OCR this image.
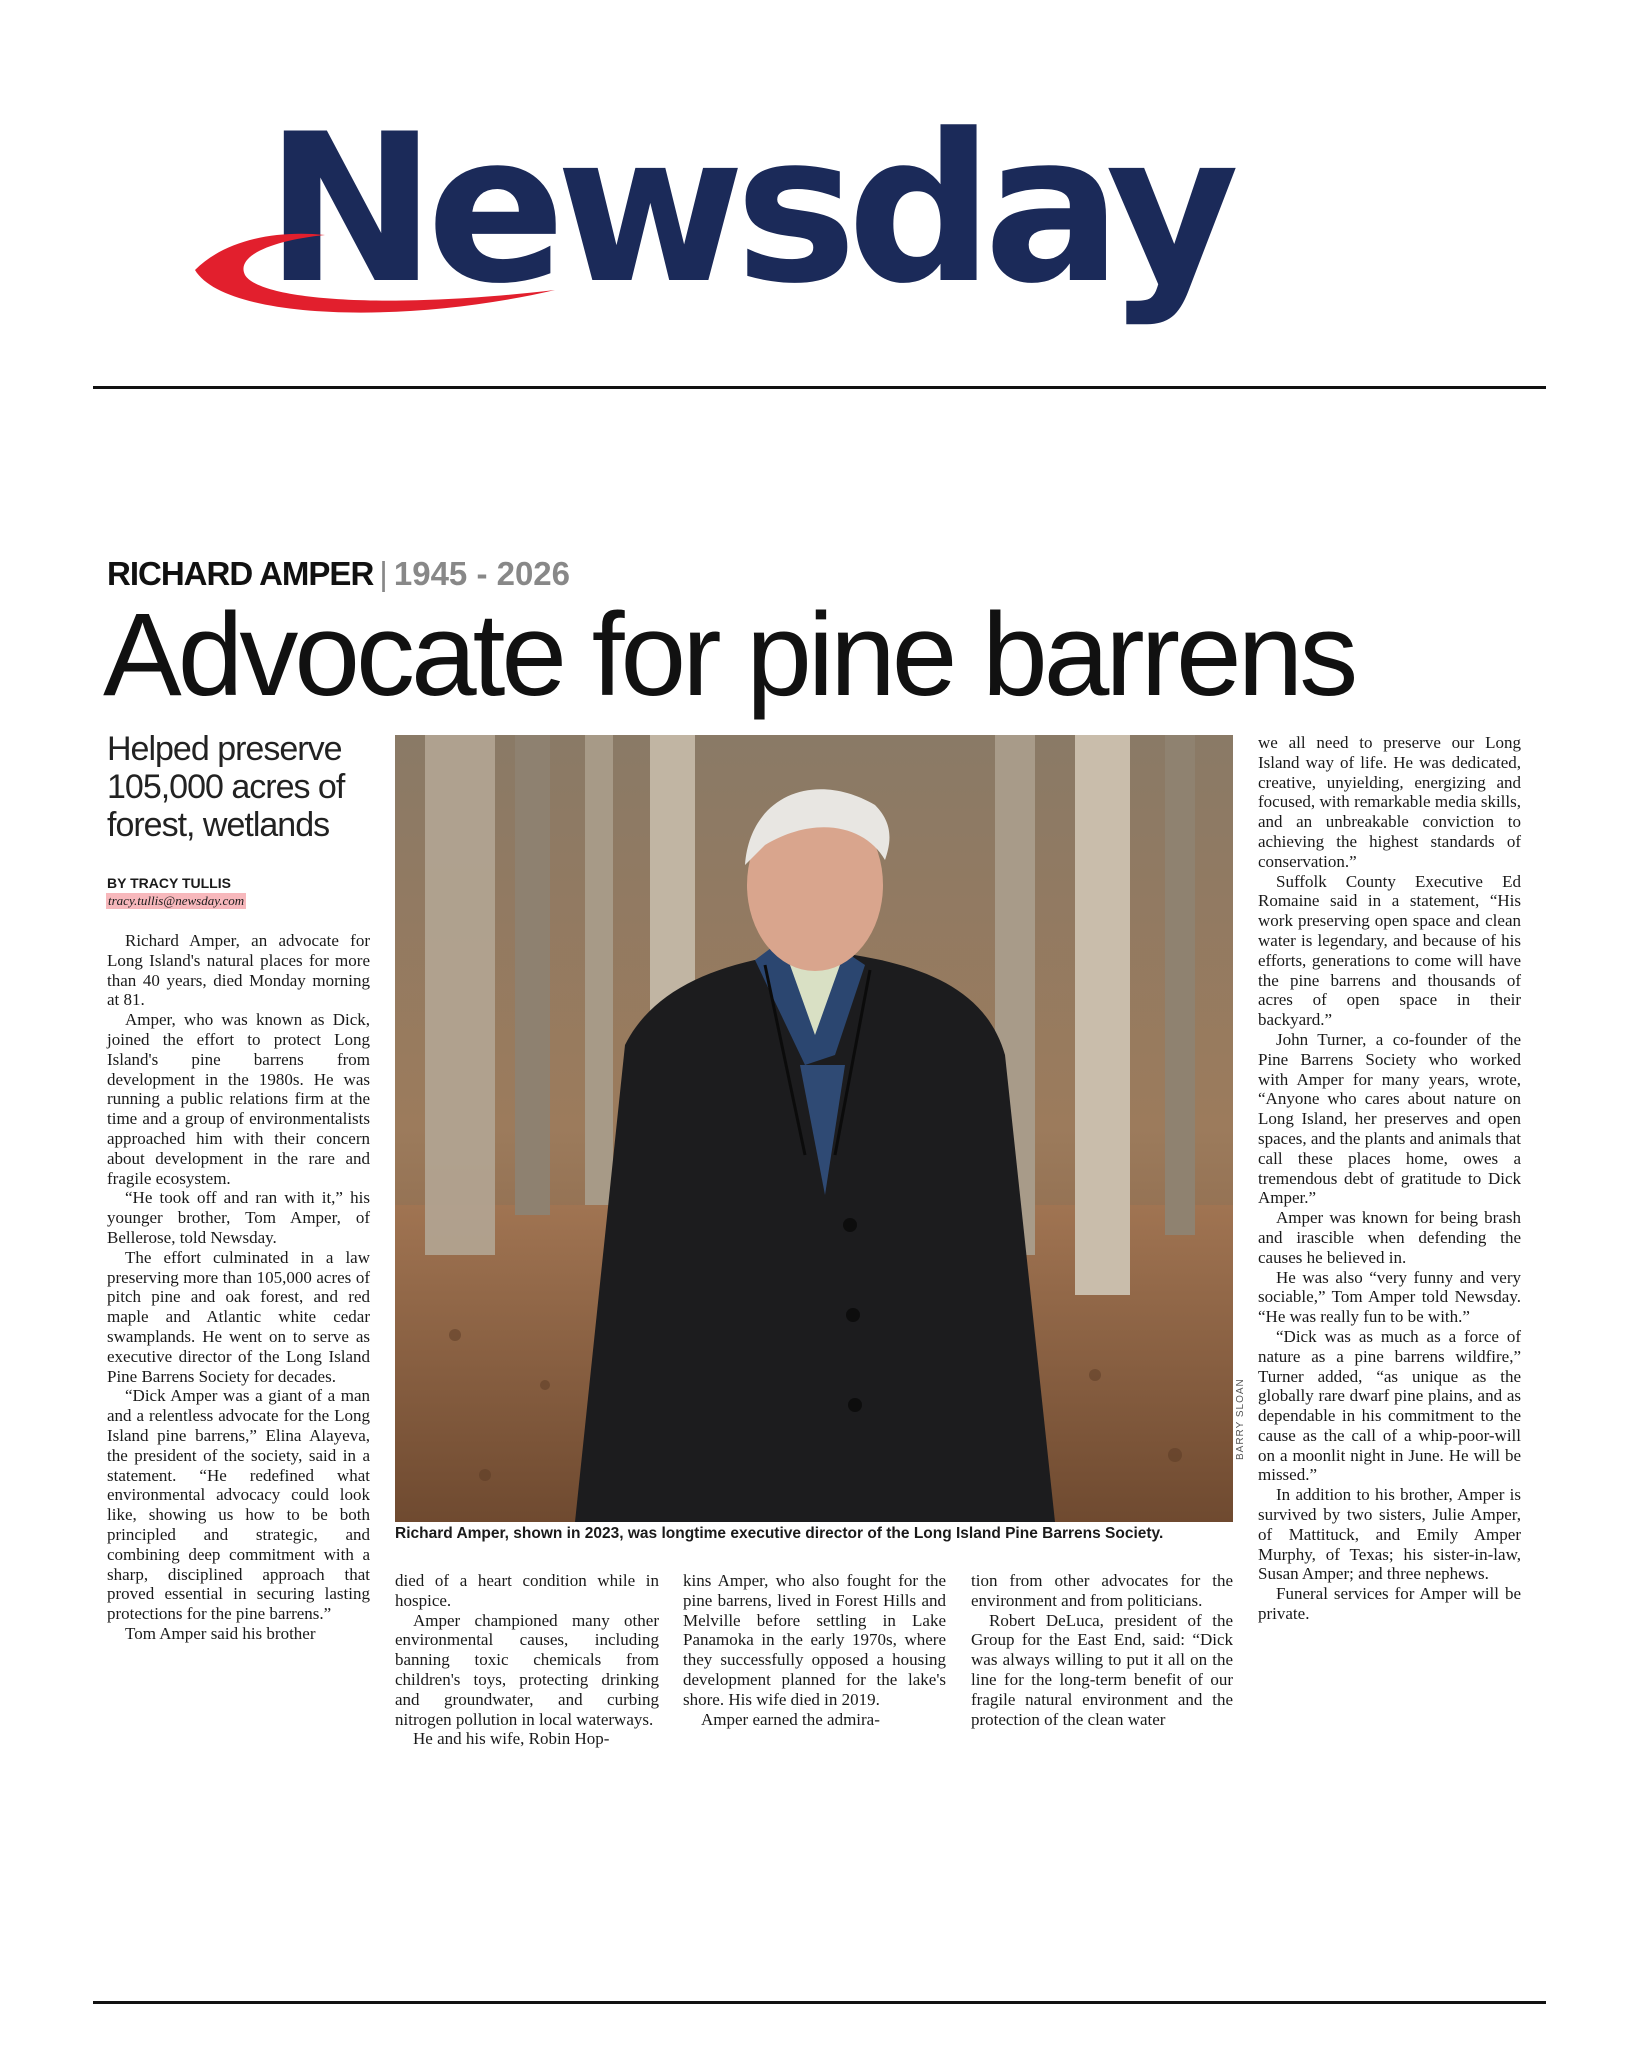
Newsday
RICHARD AMPER | 1945 - 2026
Advocate for pine barrens
Helped preserve
105,000 acres of
forest, wetlands
BY TRACY TULLIS
tracy.tullis@newsday.com

Richard Amper, an advocate for Long Island's natural places for more than 40 years, died Monday morning at 81.

Amper, who was known as Dick, joined the effort to protect Long Island's pine barrens from development in the 1980s. He was running a public relations firm at the time and a group of environmentalists approached him with their concern about development in the rare and fragile ecosystem.

“He took off and ran with it,” his younger brother, Tom Amper, of Bellerose, told Newsday.

The effort culminated in a law preserving more than 105,000 acres of pitch pine and oak forest, and red maple and Atlantic white cedar swamplands. He went on to serve as executive director of the Long Island Pine Barrens Society for decades.

“Dick Amper was a giant of a man and a relentless advocate for the Long Island pine barrens,” Elina Alayeva, the president of the society, said in a statement. “He redefined what environmental advocacy could look like, showing us how to be both principled and strategic, and combining deep commitment with a sharp, disciplined approach that proved essential in securing lasting protections for the pine barrens.”

Tom Amper said his brother

BARRY SLOAN
Richard Amper, shown in 2023, was longtime executive director of the Long Island Pine Barrens Society.

died of a heart condition while in hospice.

Amper championed many other environmental causes, including banning toxic chemicals from children's toys, protecting drinking and groundwater, and curbing nitrogen pollution in local waterways.

He and his wife, Robin Hop-

kins Amper, who also fought for the pine barrens, lived in Forest Hills and Melville before settling in Lake Panamoka in the early 1970s, where they successfully opposed a housing development planned for the lake's shore. His wife died in 2019.

Amper earned the admira-

tion from other advocates for the environment and from politicians.

Robert DeLuca, president of the Group for the East End, said: “Dick was always willing to put it all on the line for the long-term benefit of our fragile natural environment and the protection of the clean water

we all need to preserve our Long Island way of life. He was dedicated, creative, unyielding, energizing and focused, with remarkable media skills, and an unbreakable conviction to achieving the highest standards of conservation.”

Suffolk County Executive Ed Romaine said in a statement, “His work preserving open space and clean water is legendary, and because of his efforts, generations to come will have the pine barrens and thousands of acres of open space in their backyard.”

John Turner, a co-founder of the Pine Barrens Society who worked with Amper for many years, wrote, “Anyone who cares about nature on Long Island, her preserves and open spaces, and the plants and animals that call these places home, owes a tremendous debt of gratitude to Dick Amper.”

Amper was known for being brash and irascible when defending the causes he believed in.

He was also “very funny and very sociable,” Tom Amper told Newsday. “He was really fun to be with.”

“Dick was as much as a force of nature as a pine barrens wildfire,” Turner added, “as unique as the globally rare dwarf pine plains, and as dependable in his commitment to the cause as the call of a whip-poor-will on a moonlit night in June. He will be missed.”

In addition to his brother, Amper is survived by two sisters, Julie Amper, of Mattituck, and Emily Amper Murphy, of Texas; his sister-in-law, Susan Amper; and three nephews.

Funeral services for Amper will be private.
